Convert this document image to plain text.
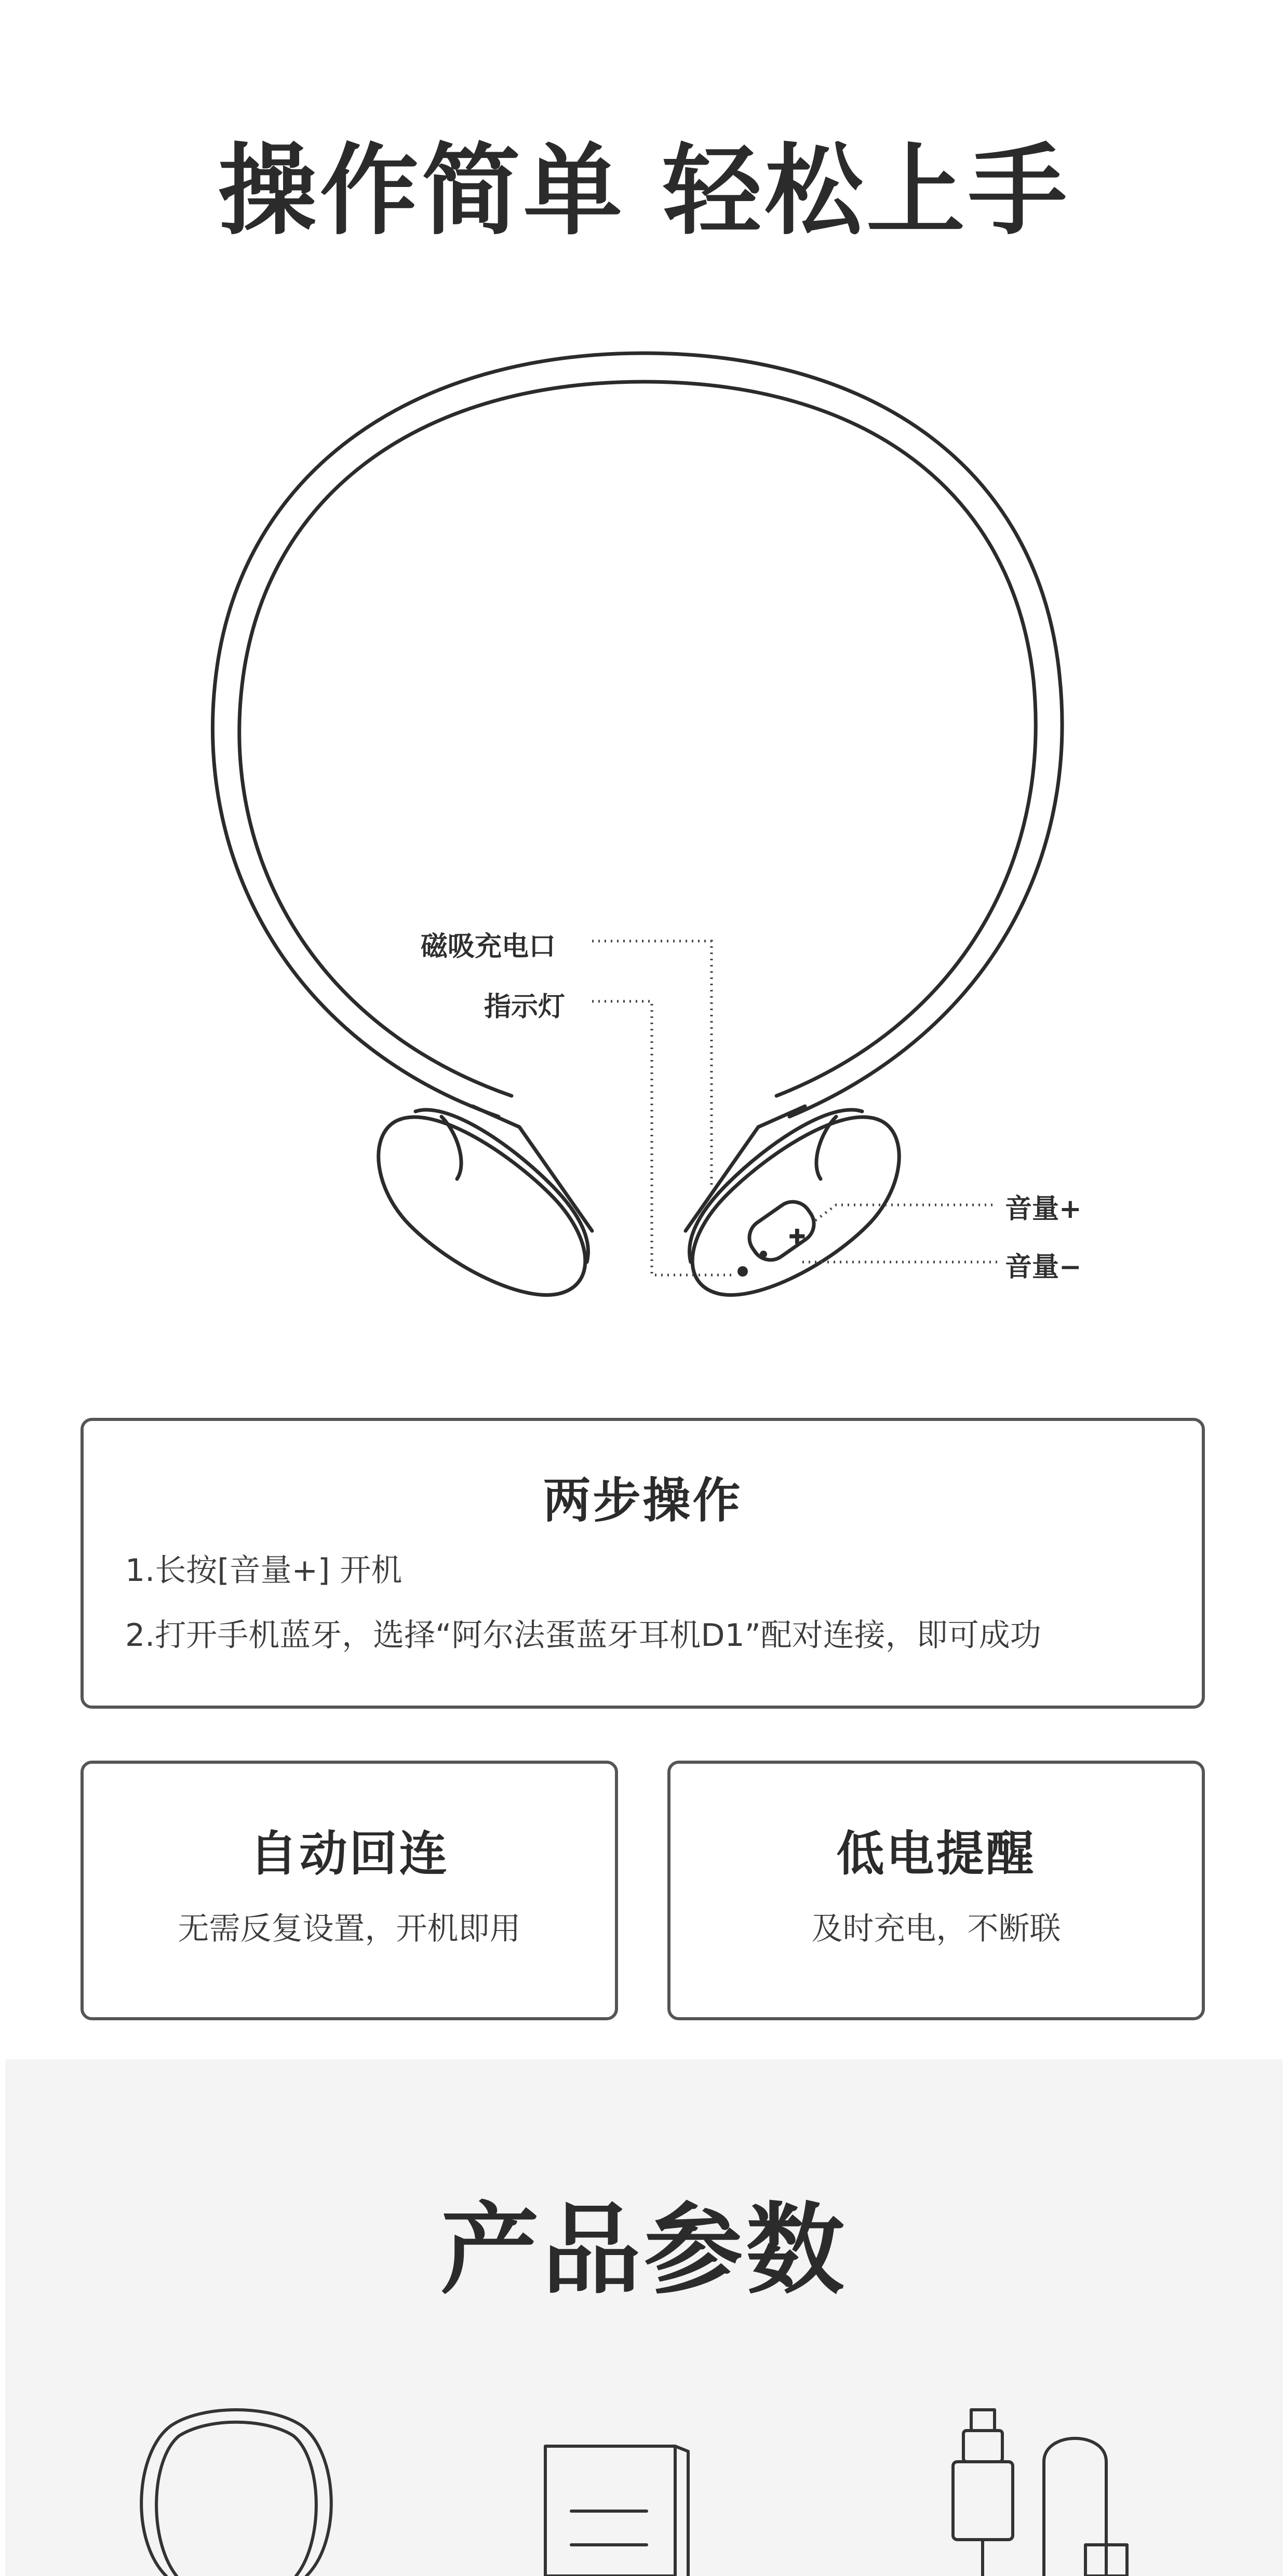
操作简单 轻松上手
✚
磁吸充电口
指示灯
音量+
音量−
两步操作
1.长按[音量+] 开机
2.打开手机蓝牙，选择“阿尔法蛋蓝牙耳机D1”配对连接，即可成功
自动回连
无需反复设置，开机即用
低电提醒
及时充电，不断联
产品参数
